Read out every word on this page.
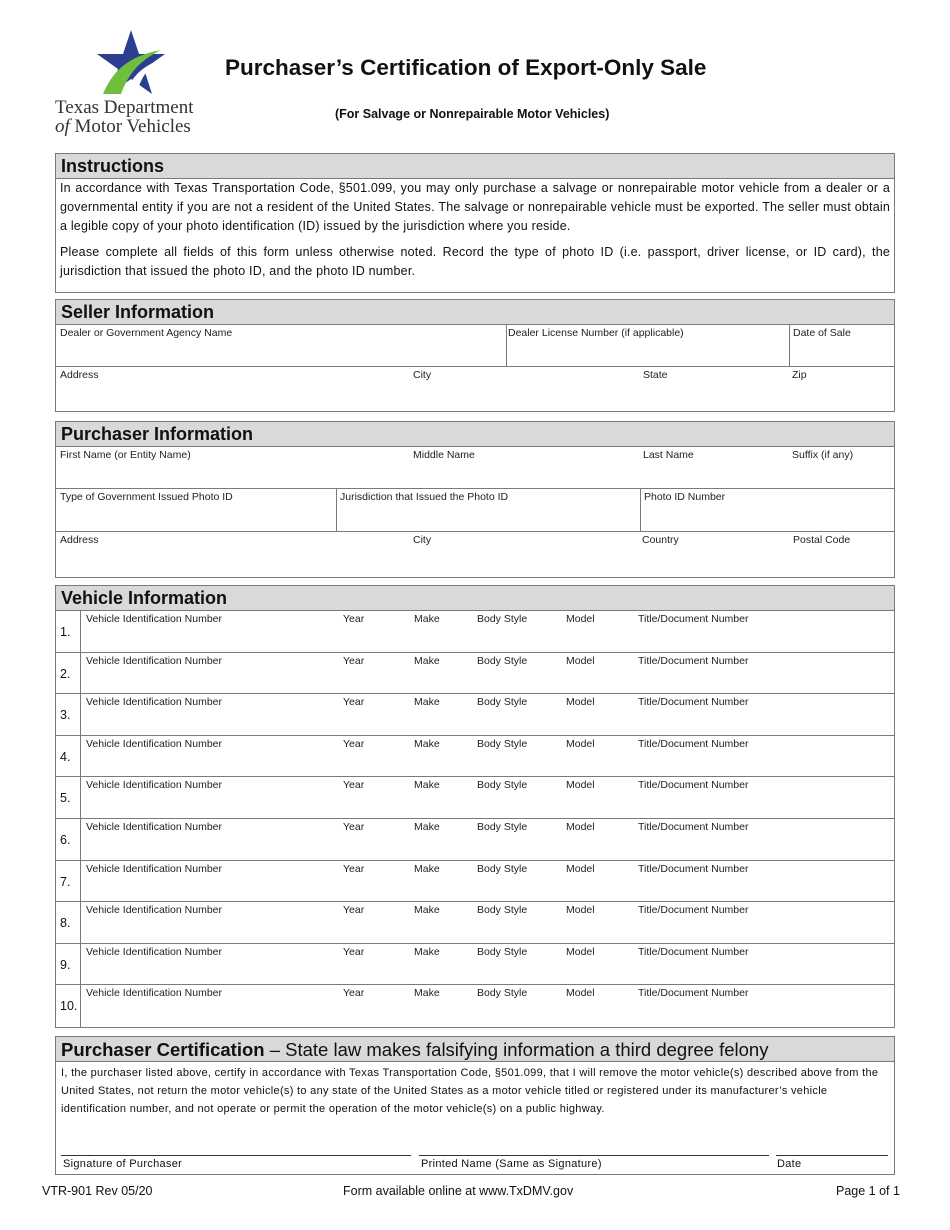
Texas Department
of Motor Vehicles
Purchaser’s Certification of Export-Only Sale
(For Salvage or Nonrepairable Motor Vehicles)
Instructions

In accordance with Texas Transportation Code, §501.099, you may only purchase a salvage or nonrepairable motor vehicle from a dealer or a governmental entity if you are not a resident of the United States. The salvage or nonrepairable vehicle must be exported. The seller must obtain a legible copy of your photo identification (ID) issued by the jurisdiction where you reside.

Please complete all fields of this form unless otherwise noted. Record the type of photo ID (i.e. passport, driver license, or ID card), the jurisdiction that issued the photo ID, and the photo ID number.

Seller Information
Dealer or Government Agency Name	Dealer License Number (if applicable)	Date of Sale
Address	City	State	Zip
Purchaser Information
First Name (or Entity Name)	Middle Name	Last Name	Suffix (if any)
Type of Government Issued Photo ID	Jurisdiction that Issued the Photo ID	Photo ID Number
Address	City	Country	Postal Code
Vehicle Information
1.
Vehicle Identification Number	Year	Make	Body Style	Model	Title/Document Number
2.
Vehicle Identification Number	Year	Make	Body Style	Model	Title/Document Number
3.
Vehicle Identification Number	Year	Make	Body Style	Model	Title/Document Number
4.
Vehicle Identification Number	Year	Make	Body Style	Model	Title/Document Number
5.
Vehicle Identification Number	Year	Make	Body Style	Model	Title/Document Number
6.
Vehicle Identification Number	Year	Make	Body Style	Model	Title/Document Number
7.
Vehicle Identification Number	Year	Make	Body Style	Model	Title/Document Number
8.
Vehicle Identification Number	Year	Make	Body Style	Model	Title/Document Number
9.
Vehicle Identification Number	Year	Make	Body Style	Model	Title/Document Number
10.
Vehicle Identification Number	Year	Make	Body Style	Model	Title/Document Number
Purchaser Certification – State law makes falsifying information a third degree felony

I, the purchaser listed above, certify in accordance with Texas Transportation Code, §501.099, that I will remove the motor vehicle(s) described above from the United States, not return the motor vehicle(s) to any state of the United States as a motor vehicle titled or registered under its manufacturer’s vehicle identification number, and not operate or permit the operation of the motor vehicle(s) on a public highway.

Signature of Purchaser	Printed Name (Same as Signature)	Date
VTR-901 Rev 05/20	Form available online at www.TxDMV.gov	Page 1 of 1
